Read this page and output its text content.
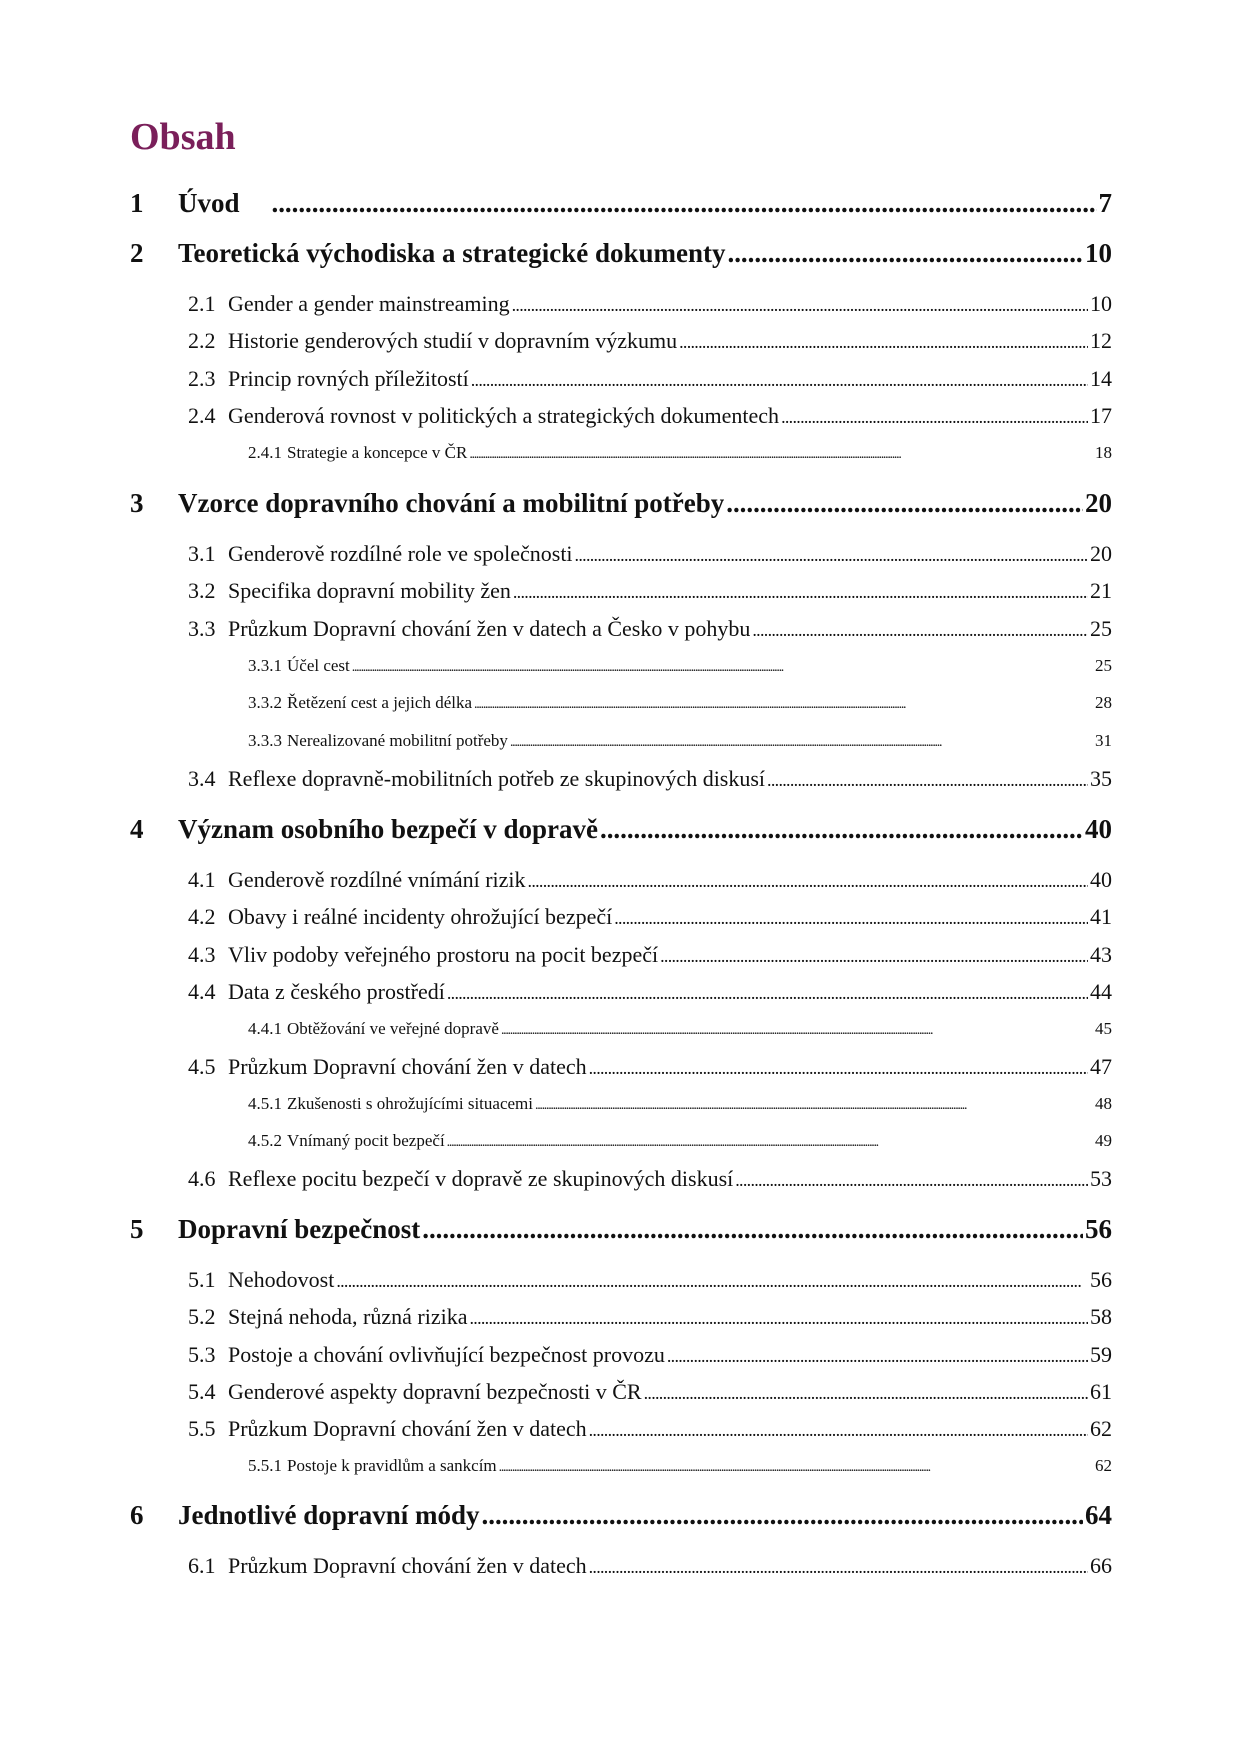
Obsah
1	Úvod . . .	7
2	Teoretická východiska a strategické dokumenty . . .	10
2.1 Gender a gender mainstreaming . . .	10
2.2 Historie genderových studií v dopravním výzkumu . . .	12
2.3 Princip rovných příležitostí . . .	14
2.4 Genderová rovnost v politických a strategických dokumentech . . .	17
2.4.1 Strategie a koncepce v ČR . . .	18
3	Vzorce dopravního chování a mobilitní potřeby . . .	20
3.1 Genderově rozdílné role ve společnosti . . .	20
3.2 Specifika dopravní mobility žen . . .	21
3.3 Průzkum Dopravní chování žen v datech a Česko v pohybu . . .	25
3.3.1 Účel cest . . .	25
3.3.2 Řetězení cest a jejich délka . . .	28
3.3.3 Nerealizované mobilitní potřeby . . .	31
3.4 Reflexe dopravně-mobilitních potřeb ze skupinových diskusí . . .	35
4	Význam osobního bezpečí v dopravě . . .	40
4.1 Genderově rozdílné vnímání rizik . . .	40
4.2 Obavy i reálné incidenty ohrožující bezpečí . . .	41
4.3 Vliv podoby veřejného prostoru na pocit bezpečí . . .	43
4.4 Data z českého prostředí . . .	44
4.4.1 Obtěžování ve veřejné dopravě . . .	45
4.5 Průzkum Dopravní chování žen v datech . . .	47
4.5.1 Zkušenosti s ohrožujícími situacemi . . .	48
4.5.2 Vnímaný pocit bezpečí . . .	49
4.6 Reflexe pocitu bezpečí v dopravě ze skupinových diskusí . . .	53
5	Dopravní bezpečnost . . .	56
5.1 Nehodovost . . .	56
5.2 Stejná nehoda, různá rizika . . .	58
5.3 Postoje a chování ovlivňující bezpečnost provozu . . .	59
5.4 Genderové aspekty dopravní bezpečnosti v ČR . . .	61
5.5 Průzkum Dopravní chování žen v datech . . .	62
5.5.1 Postoje k pravidlům a sankcím . . .	62
6	Jednotlivé dopravní módy . . .	64
6.1 Průzkum Dopravní chování žen v datech . . .	66
